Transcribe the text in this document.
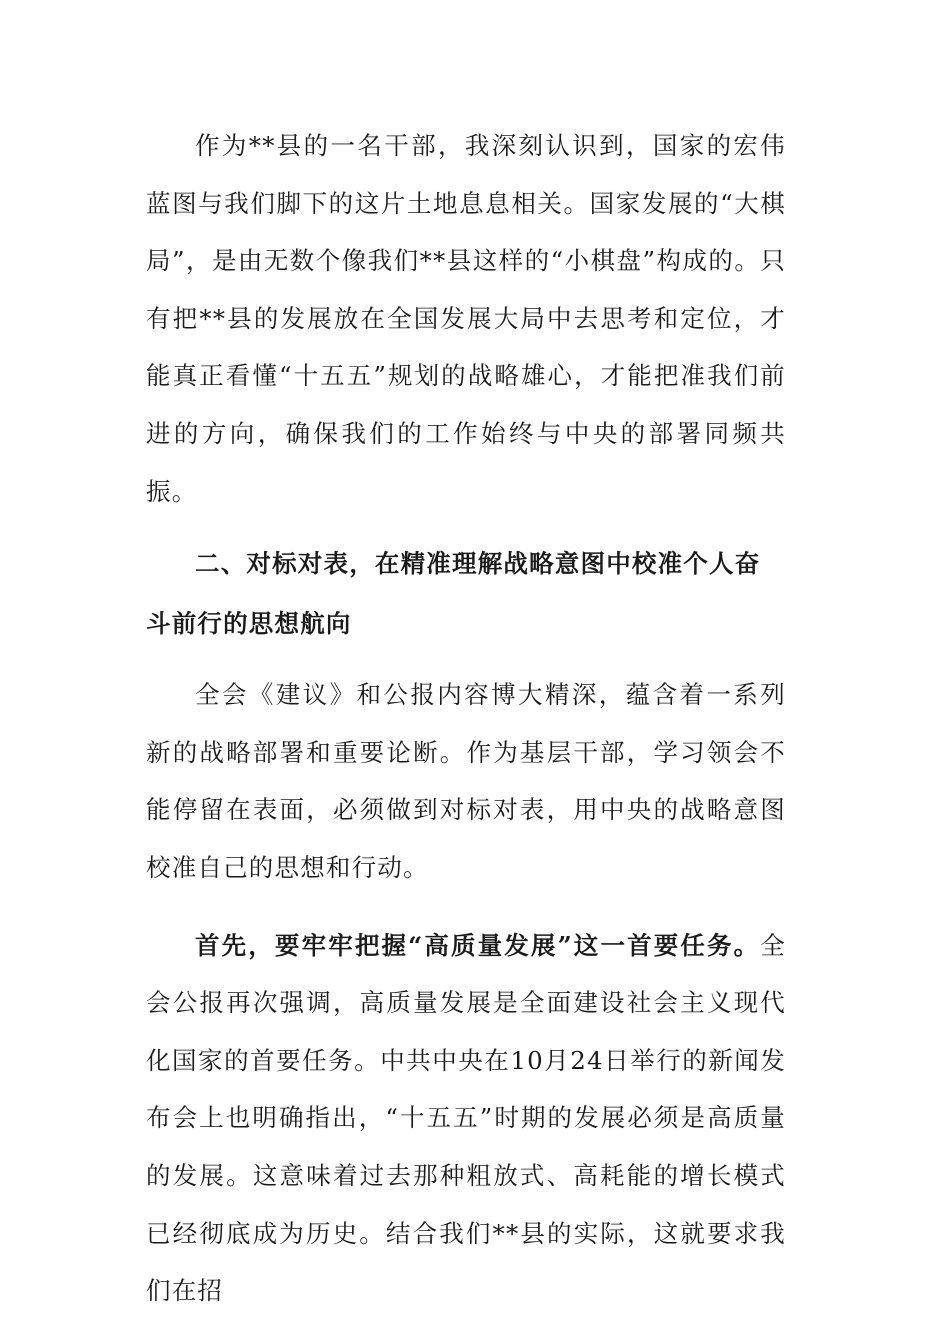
作为**县的一名干部，我深刻认识到，国家的宏伟蓝图与我们脚下的这片土地息息相关。国家发展的“大棋局”，是由无数个像我们**县这样的“小棋盘”构成的。只有把**县的发展放在全国发展大局中去思考和定位，才能真正看懂“十五五”规划的战略雄心，才能把准我们前进的方向，确保我们的工作始终与中央的部署同频共振。

二、对标对表，在精准理解战略意图中校准个人奋斗前行的思想航向

全会《建议》和公报内容博大精深，蕴含着一系列新的战略部署和重要论断。作为基层干部，学习领会不能停留在表面，必须做到对标对表，用中央的战略意图校准自己的思想和行动。

首先，要牢牢把握“高质量发展”这一首要任务。全会公报再次强调，高质量发展是全面建设社会主义现代化国家的首要任务。中共中央在10月24日举行的新闻发布会上也明确指出，“十五五”时期的发展必须是高质量的发展。这意味着过去那种粗放式、高耗能的增长模式已经彻底成为历史。结合我们**县的实际，这就要求我们在招
